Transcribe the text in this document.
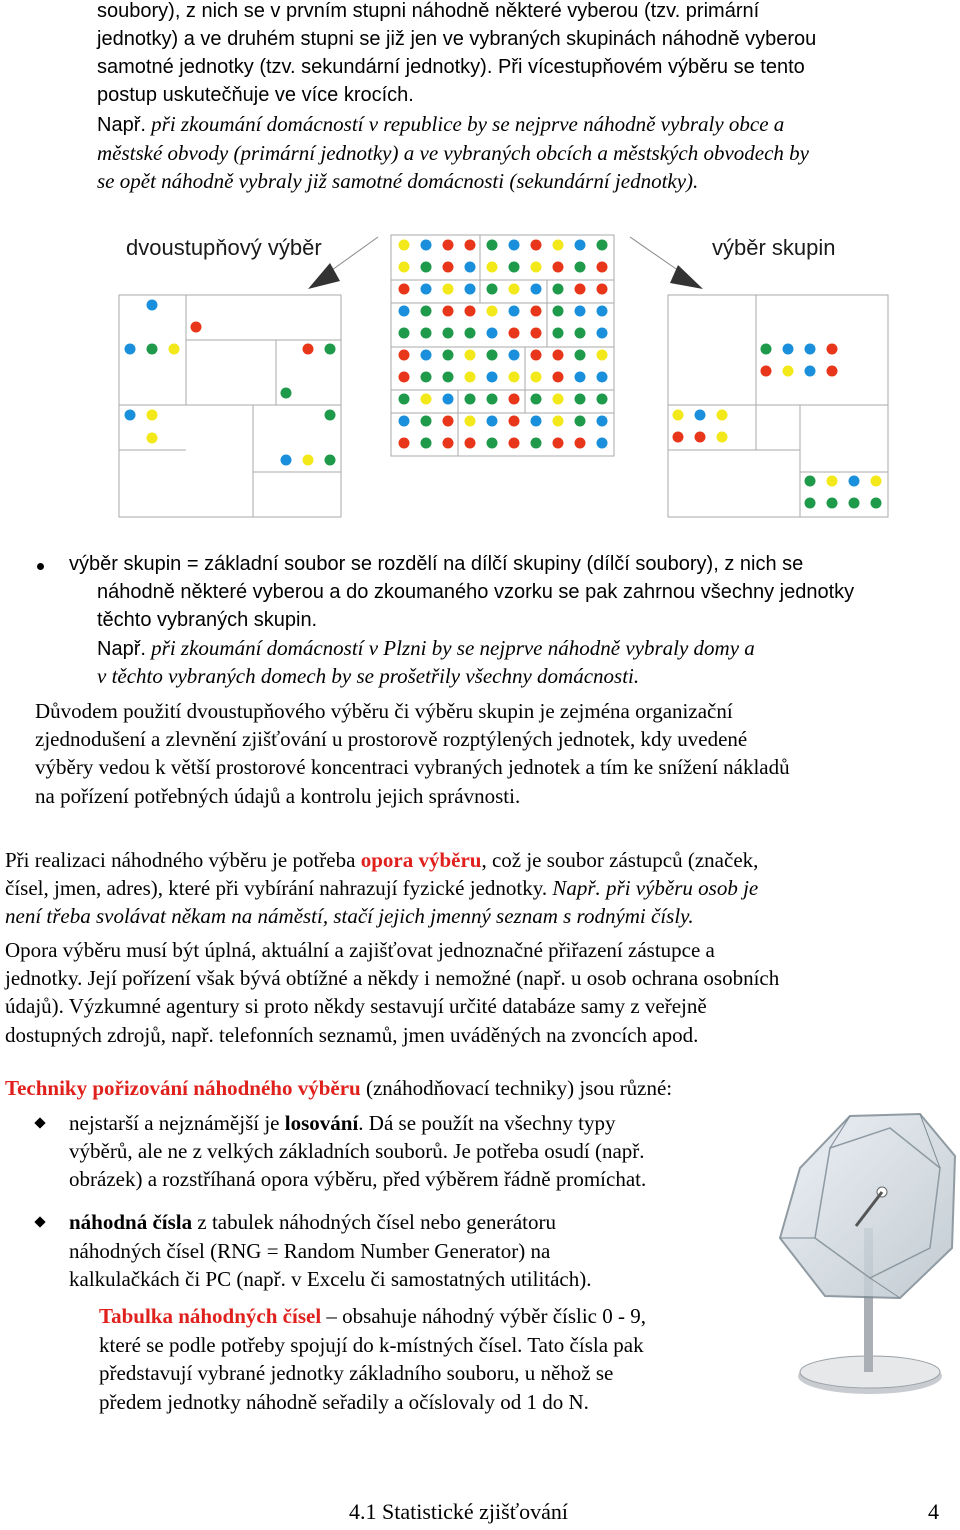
soubory), z nich se v prvním stupni náhodně některé vyberou (tzv. primární
jednotky) a ve druhém stupni se již jen ve vybraných skupinách náhodně vyberou
samotné jednotky (tzv. sekundární jednotky). Při vícestupňovém výběru se tento
postup uskutečňuje ve více krocích.
Např. při zkoumání domácností v republice by se nejprve náhodně vybraly obce a
městské obvody (primární jednotky) a ve vybraných obcích a městských obvodech by
se opět náhodně vybraly již samotné domácnosti (sekundární jednotky).
dvoustupňový výběr	výběr skupin
výběr skupin = základní soubor se rozdělí na dílčí skupiny (dílčí soubory), z nich se
náhodně některé vyberou a do zkoumaného vzorku se pak zahrnou všechny jednotky
těchto vybraných skupin.
Např. při zkoumání domácností v Plzni by se nejprve náhodně vybraly domy a
v těchto vybraných domech by se prošetřily všechny domácnosti.
Důvodem použití dvoustupňového výběru či výběru skupin je zejména organizační
zjednodušení a zlevnění zjišťování u prostorově rozptýlených jednotek, kdy uvedené
výběry vedou k větší prostorové koncentraci vybraných jednotek a tím ke snížení nákladů
na pořízení potřebných údajů a kontrolu jejich správnosti.
Při realizaci náhodného výběru je potřeba opora výběru, což je soubor zástupců (značek,
čísel, jmen, adres), které při vybírání nahrazují fyzické jednotky. Např. při výběru osob je
není třeba svolávat někam na náměstí, stačí jejich jmenný seznam s rodnými čísly.
Opora výběru musí být úplná, aktuální a zajišťovat jednoznačné přiřazení zástupce a
jednotky. Její pořízení však bývá obtížné a někdy i nemožné (např. u osob ochrana osobních
údajů). Výzkumné agentury si proto někdy sestavují určité databáze samy z veřejně
dostupných zdrojů, např. telefonních seznamů, jmen uváděných na zvoncích apod.
Techniky pořizování náhodného výběru (znáhodňovací techniky) jsou různé:
nejstarší a nejznámější je losování. Dá se použít na všechny typy
výběrů, ale ne z velkých základních souborů. Je potřeba osudí (např.
obrázek) a rozstříhaná opora výběru, před výběrem řádně promíchat.
náhodná čísla z tabulek náhodných čísel nebo generátoru
náhodných čísel (RNG = Random Number Generator) na
kalkulačkách či PC (např. v Excelu či samostatných utilitách).
Tabulka náhodných čísel – obsahuje náhodný výběr číslic 0 - 9,
které se podle potřeby spojují do k-místných čísel. Tato čísla pak
představují vybrané jednotky základního souboru, u něhož se
předem jednotky náhodně seřadily a očíslovaly od 1 do N.
4.1 Statistické zjišťování	4
